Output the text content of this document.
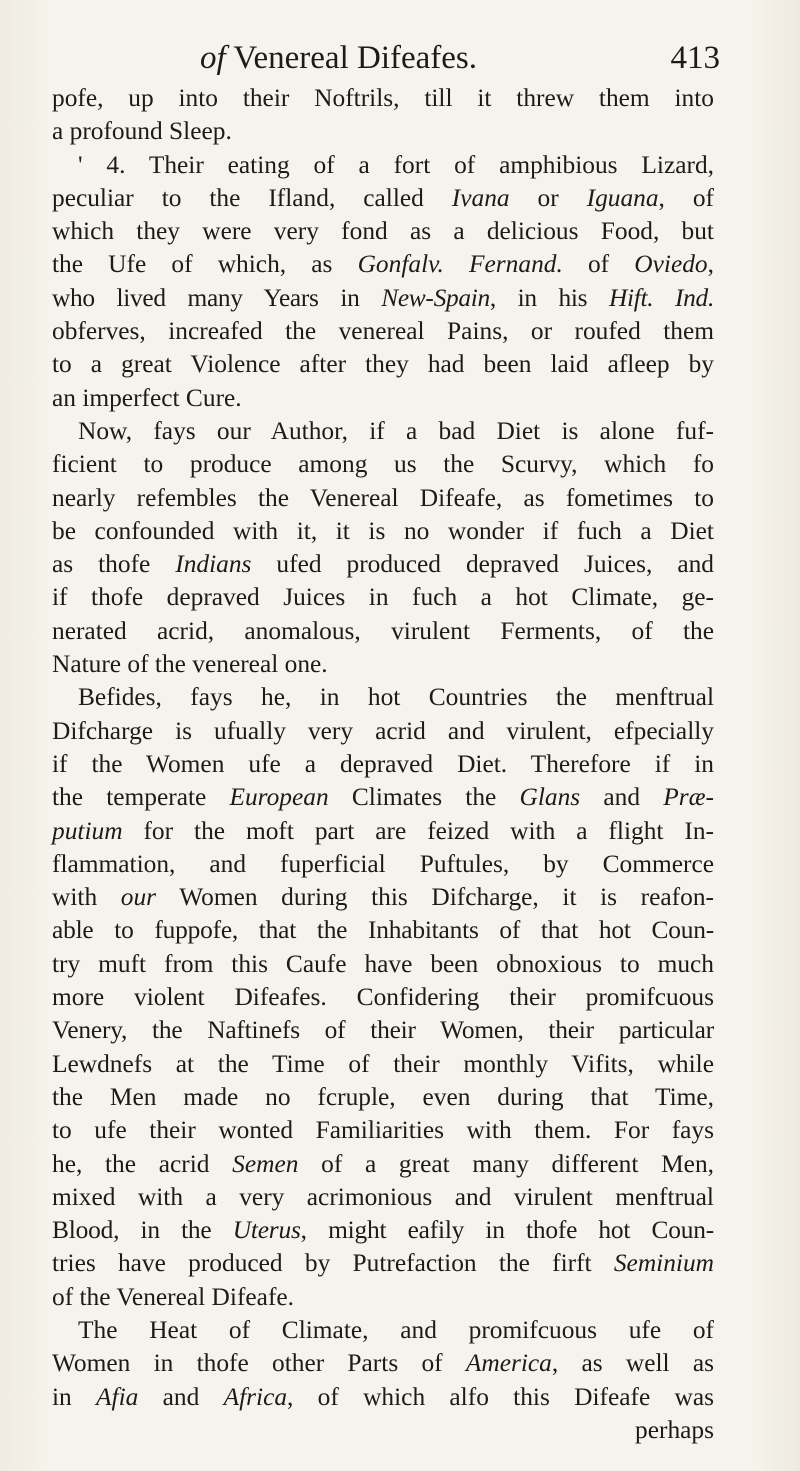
of Venereal Difeafes.	413
pofe, up into their Noftrils, till it threw them into
a profound Sleep.
' 4. Their eating of a fort of amphibious Lizard,
peculiar to the Ifland, called Ivana or Iguana, of
which they were very fond as a delicious Food, but
the Ufe of which, as Gonfalv. Fernand. of Oviedo,
who lived many Years in New-Spain, in his Hift. Ind.
obferves, increafed the venereal Pains, or roufed them
to a great Violence after they had been laid afleep by
an imperfect Cure.
Now, fays our Author, if a bad Diet is alone fuf-
ficient to produce among us the Scurvy, which fo
nearly refembles the Venereal Difeafe, as fometimes to
be confounded with it, it is no wonder if fuch a Diet
as thofe Indians ufed produced depraved Juices, and
if thofe depraved Juices in fuch a hot Climate, ge-
nerated acrid, anomalous, virulent Ferments, of the
Nature of the venereal one.
Befides, fays he, in hot Countries the menftrual
Difcharge is ufually very acrid and virulent, efpecially
if the Women ufe a depraved Diet. Therefore if in
the temperate European Climates the Glans and Præ-
putium for the moft part are feized with a flight In-
flammation, and fuperficial Puftules, by Commerce
with our Women during this Difcharge, it is reafon-
able to fuppofe, that the Inhabitants of that hot Coun-
try muft from this Caufe have been obnoxious to much
more violent Difeafes. Confidering their promifcuous
Venery, the Naftinefs of their Women, their particular
Lewdnefs at the Time of their monthly Vifits, while
the Men made no fcruple, even during that Time,
to ufe their wonted Familiarities with them. For fays
he, the acrid Semen of a great many different Men,
mixed with a very acrimonious and virulent menftrual
Blood, in the Uterus, might eafily in thofe hot Coun-
tries have produced by Putrefaction the firft Seminium
of the Venereal Difeafe.
The Heat of Climate, and promifcuous ufe of
Women in thofe other Parts of America, as well as
in Afia and Africa, of which alfo this Difeafe was
perhaps
